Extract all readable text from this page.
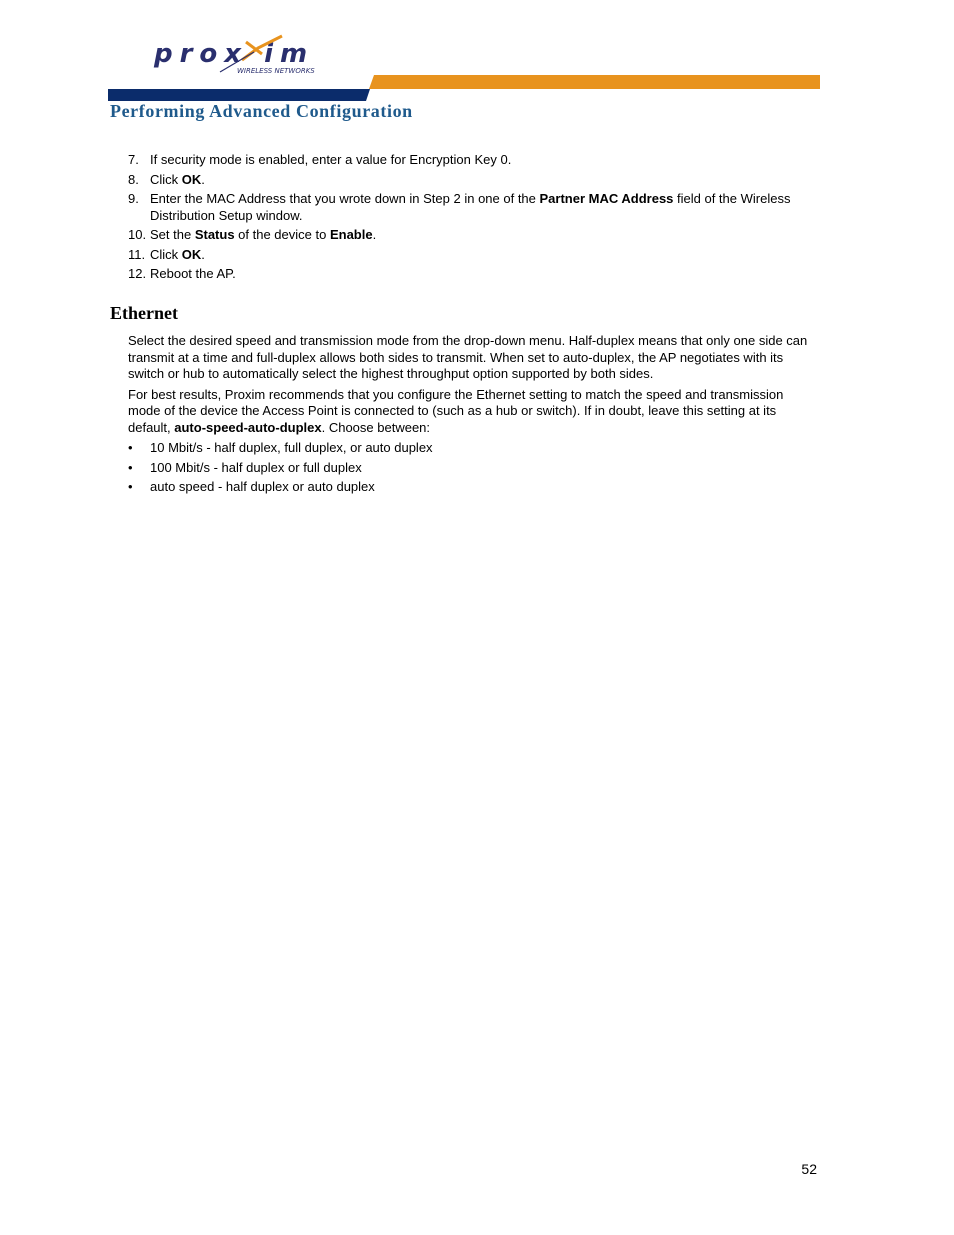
prox im
WIRELESS NETWORKS
Performing Advanced Configuration
7. If security mode is enabled, enter a value for Encryption Key 0.
8. Click OK.
9. Enter the MAC Address that you wrote down in Step 2 in one of the Partner MAC Address field of the Wireless Distribution Setup window.
10. Set the Status of the device to Enable.
11. Click OK.
12. Reboot the AP.
Ethernet

Select the desired speed and transmission mode from the drop-down menu. Half-duplex means that only one side can transmit at a time and full-duplex allows both sides to transmit. When set to auto-duplex, the AP negotiates with its switch or hub to automatically select the highest throughput option supported by both sides.

For best results, Proxim recommends that you configure the Ethernet setting to match the speed and transmission mode of the device the Access Point is connected to (such as a hub or switch). If in doubt, leave this setting at its default, auto-speed-auto-duplex. Choose between:

•	10 Mbit/s - half duplex, full duplex, or auto duplex
•	100 Mbit/s - half duplex or full duplex
•	auto speed - half duplex or auto duplex
52
